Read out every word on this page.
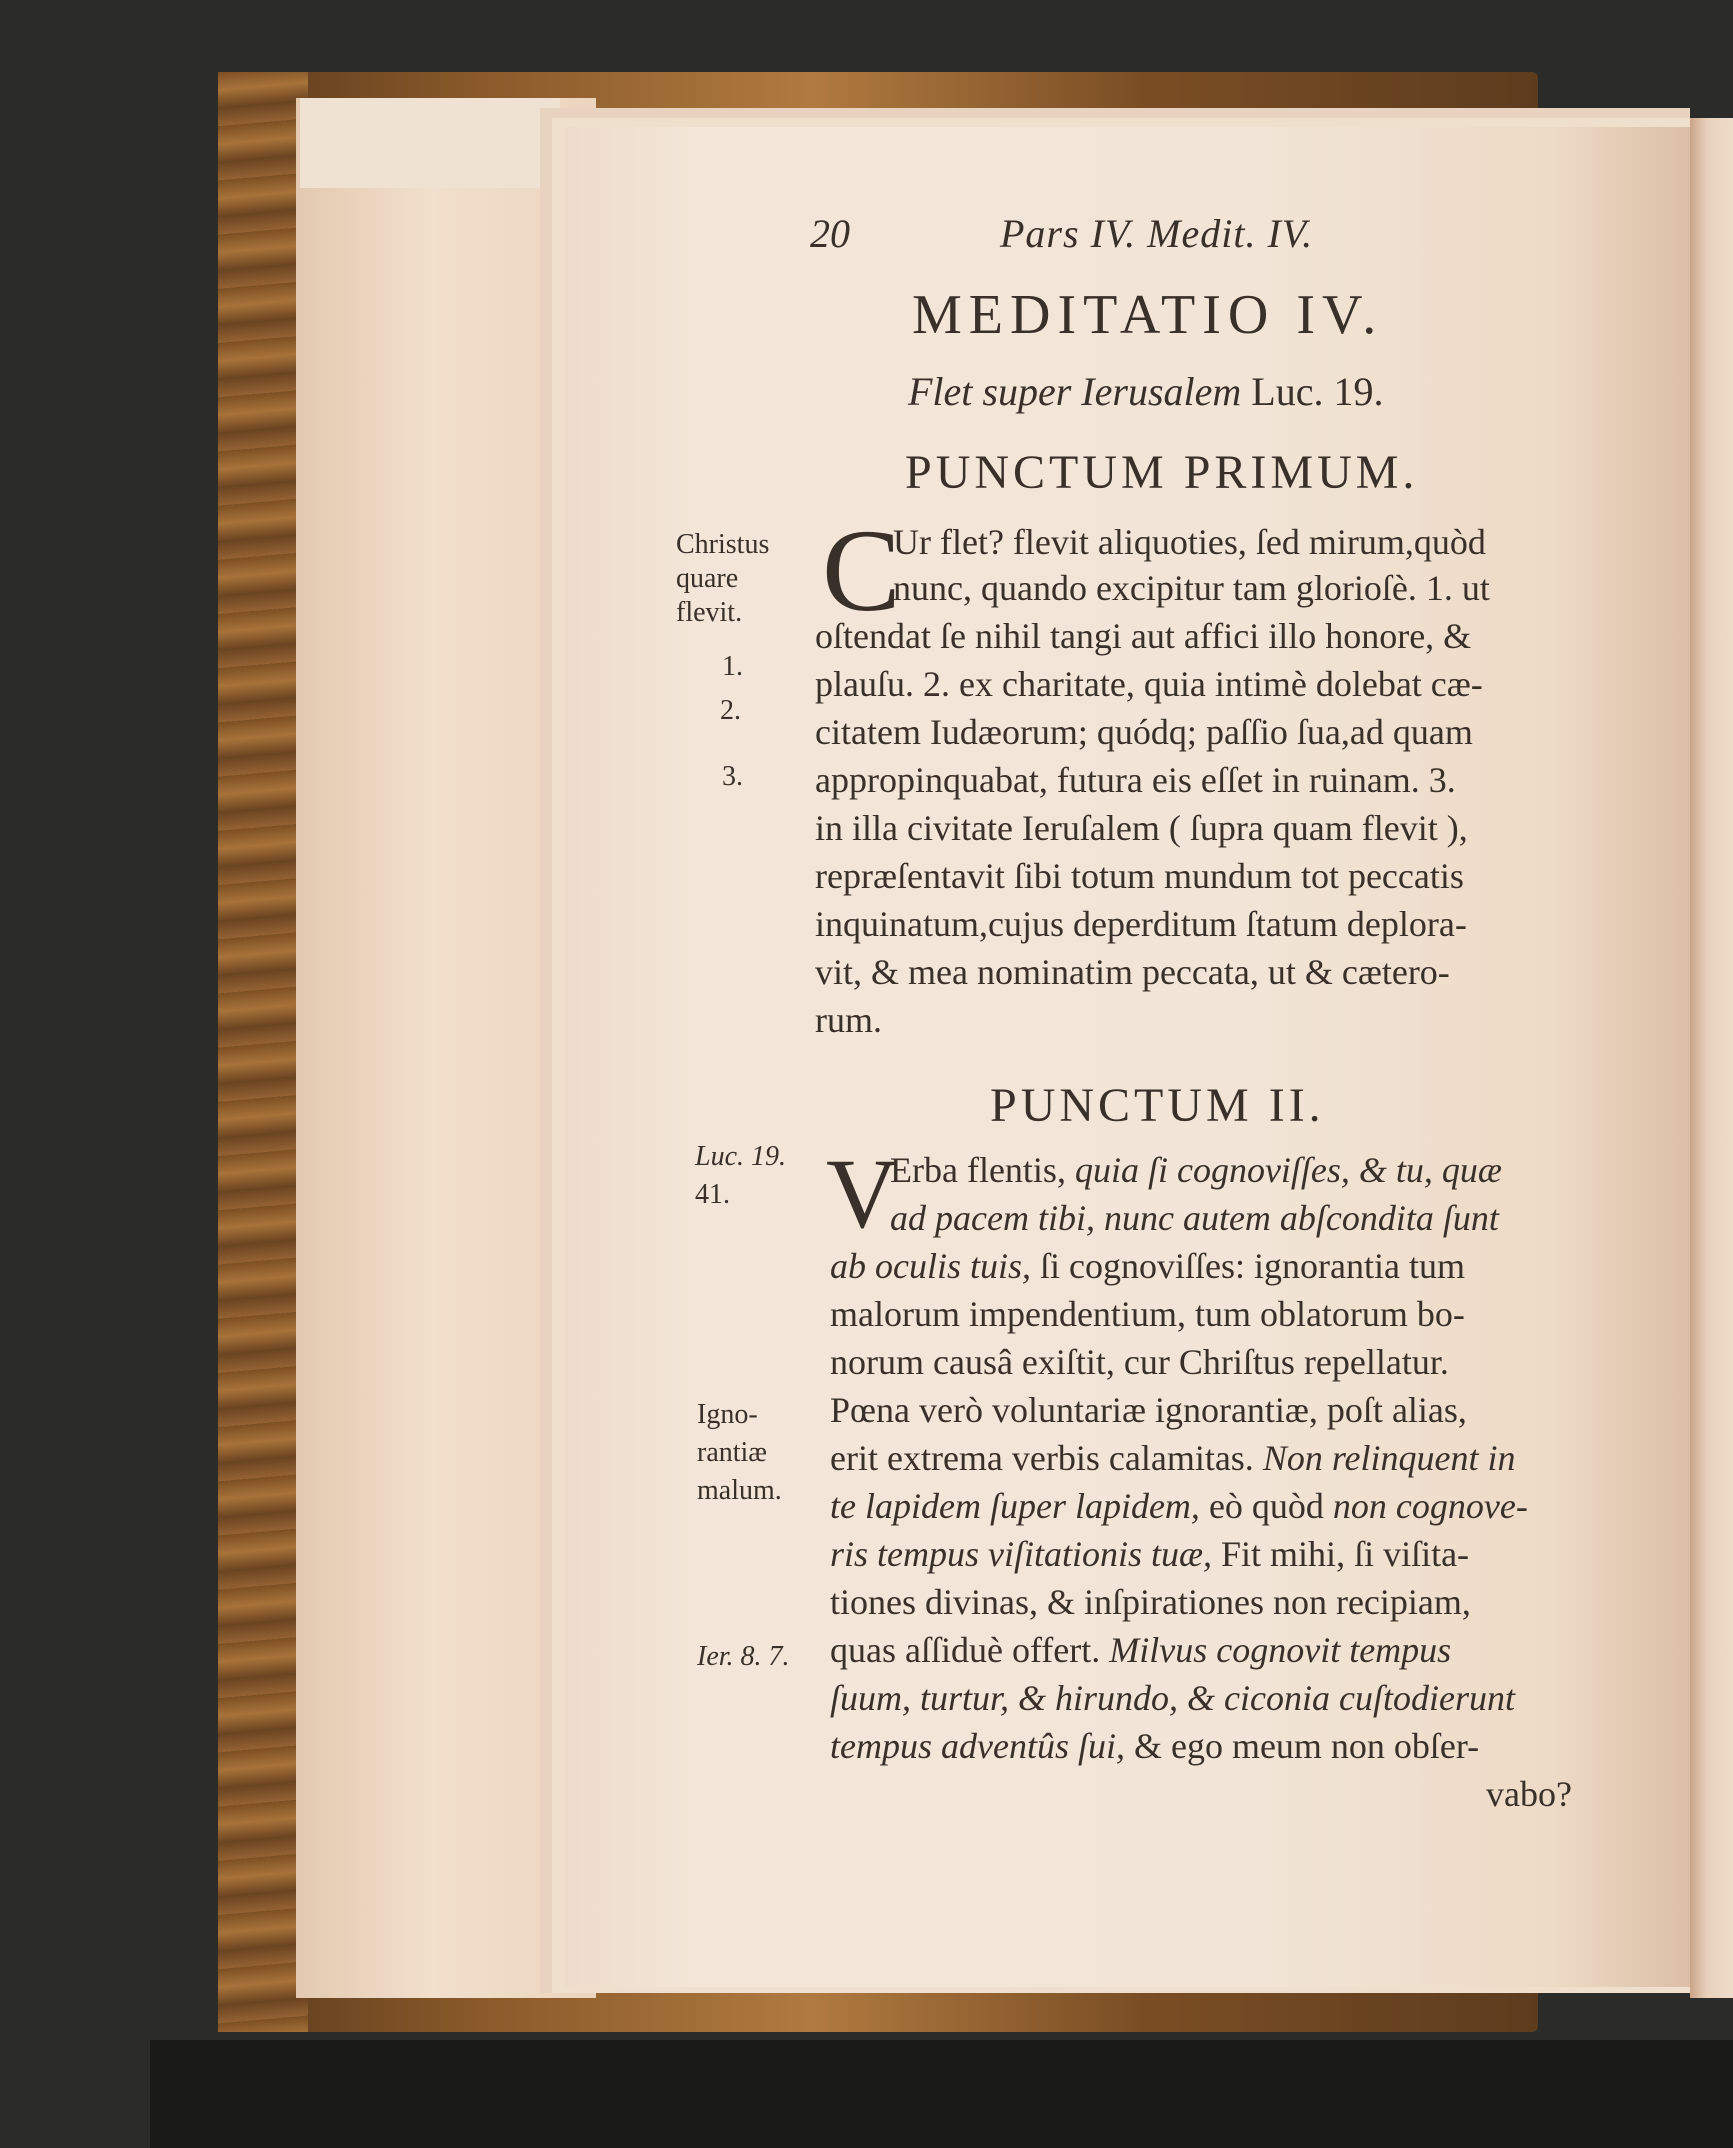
20	Pars IV. Medit. IV.
MEDITATIO IV.
Flet super Ierusalem Luc. 19.
PUNCTUM PRIMUM.
Christus
quare
flevit.
1.
2.
3.
C
Ur flet? flevit aliquoties, ſed mirum,quòd
nunc, quando excipitur tam glorioſè. 1. ut
oſtendat ſe nihil tangi aut affici illo honore, &
plauſu. 2. ex charitate, quia intimè dolebat cæ-
citatem Iudæorum; quódq; paſſio ſua,ad quam
appropinquabat, futura eis eſſet in ruinam. 3.
in illa civitate Ieruſalem ( ſupra quam flevit ),
repræſentavit ſibi totum mundum tot peccatis
inquinatum,cujus deperditum ſtatum deplora-
vit, & mea nominatim peccata, ut & cætero-
rum.
PUNCTUM II.
Luc. 19.
41.
Igno-
rantiæ
malum.
Ier. 8. 7.
V
Erba flentis, quia ſi cognoviſſes, & tu, quæ
ad pacem tibi, nunc autem abſcondita ſunt
ab oculis tuis, ſi cognoviſſes: ignorantia tum
malorum impendentium, tum oblatorum bo-
norum causâ exiſtit, cur Chriſtus repellatur.
Pœna verò voluntariæ ignorantiæ, poſt alias,
erit extrema verbis calamitas. Non relinquent in
te lapidem ſuper lapidem, eò quòd non cognove-
ris tempus viſitationis tuæ, Fit mihi, ſi viſita-
tiones divinas, & inſpirationes non recipiam,
quas aſſiduè offert. Milvus cognovit tempus
ſuum, turtur, & hirundo, & ciconia cuſtodierunt
tempus adventûs ſui, & ego meum non obſer-
vabo?
